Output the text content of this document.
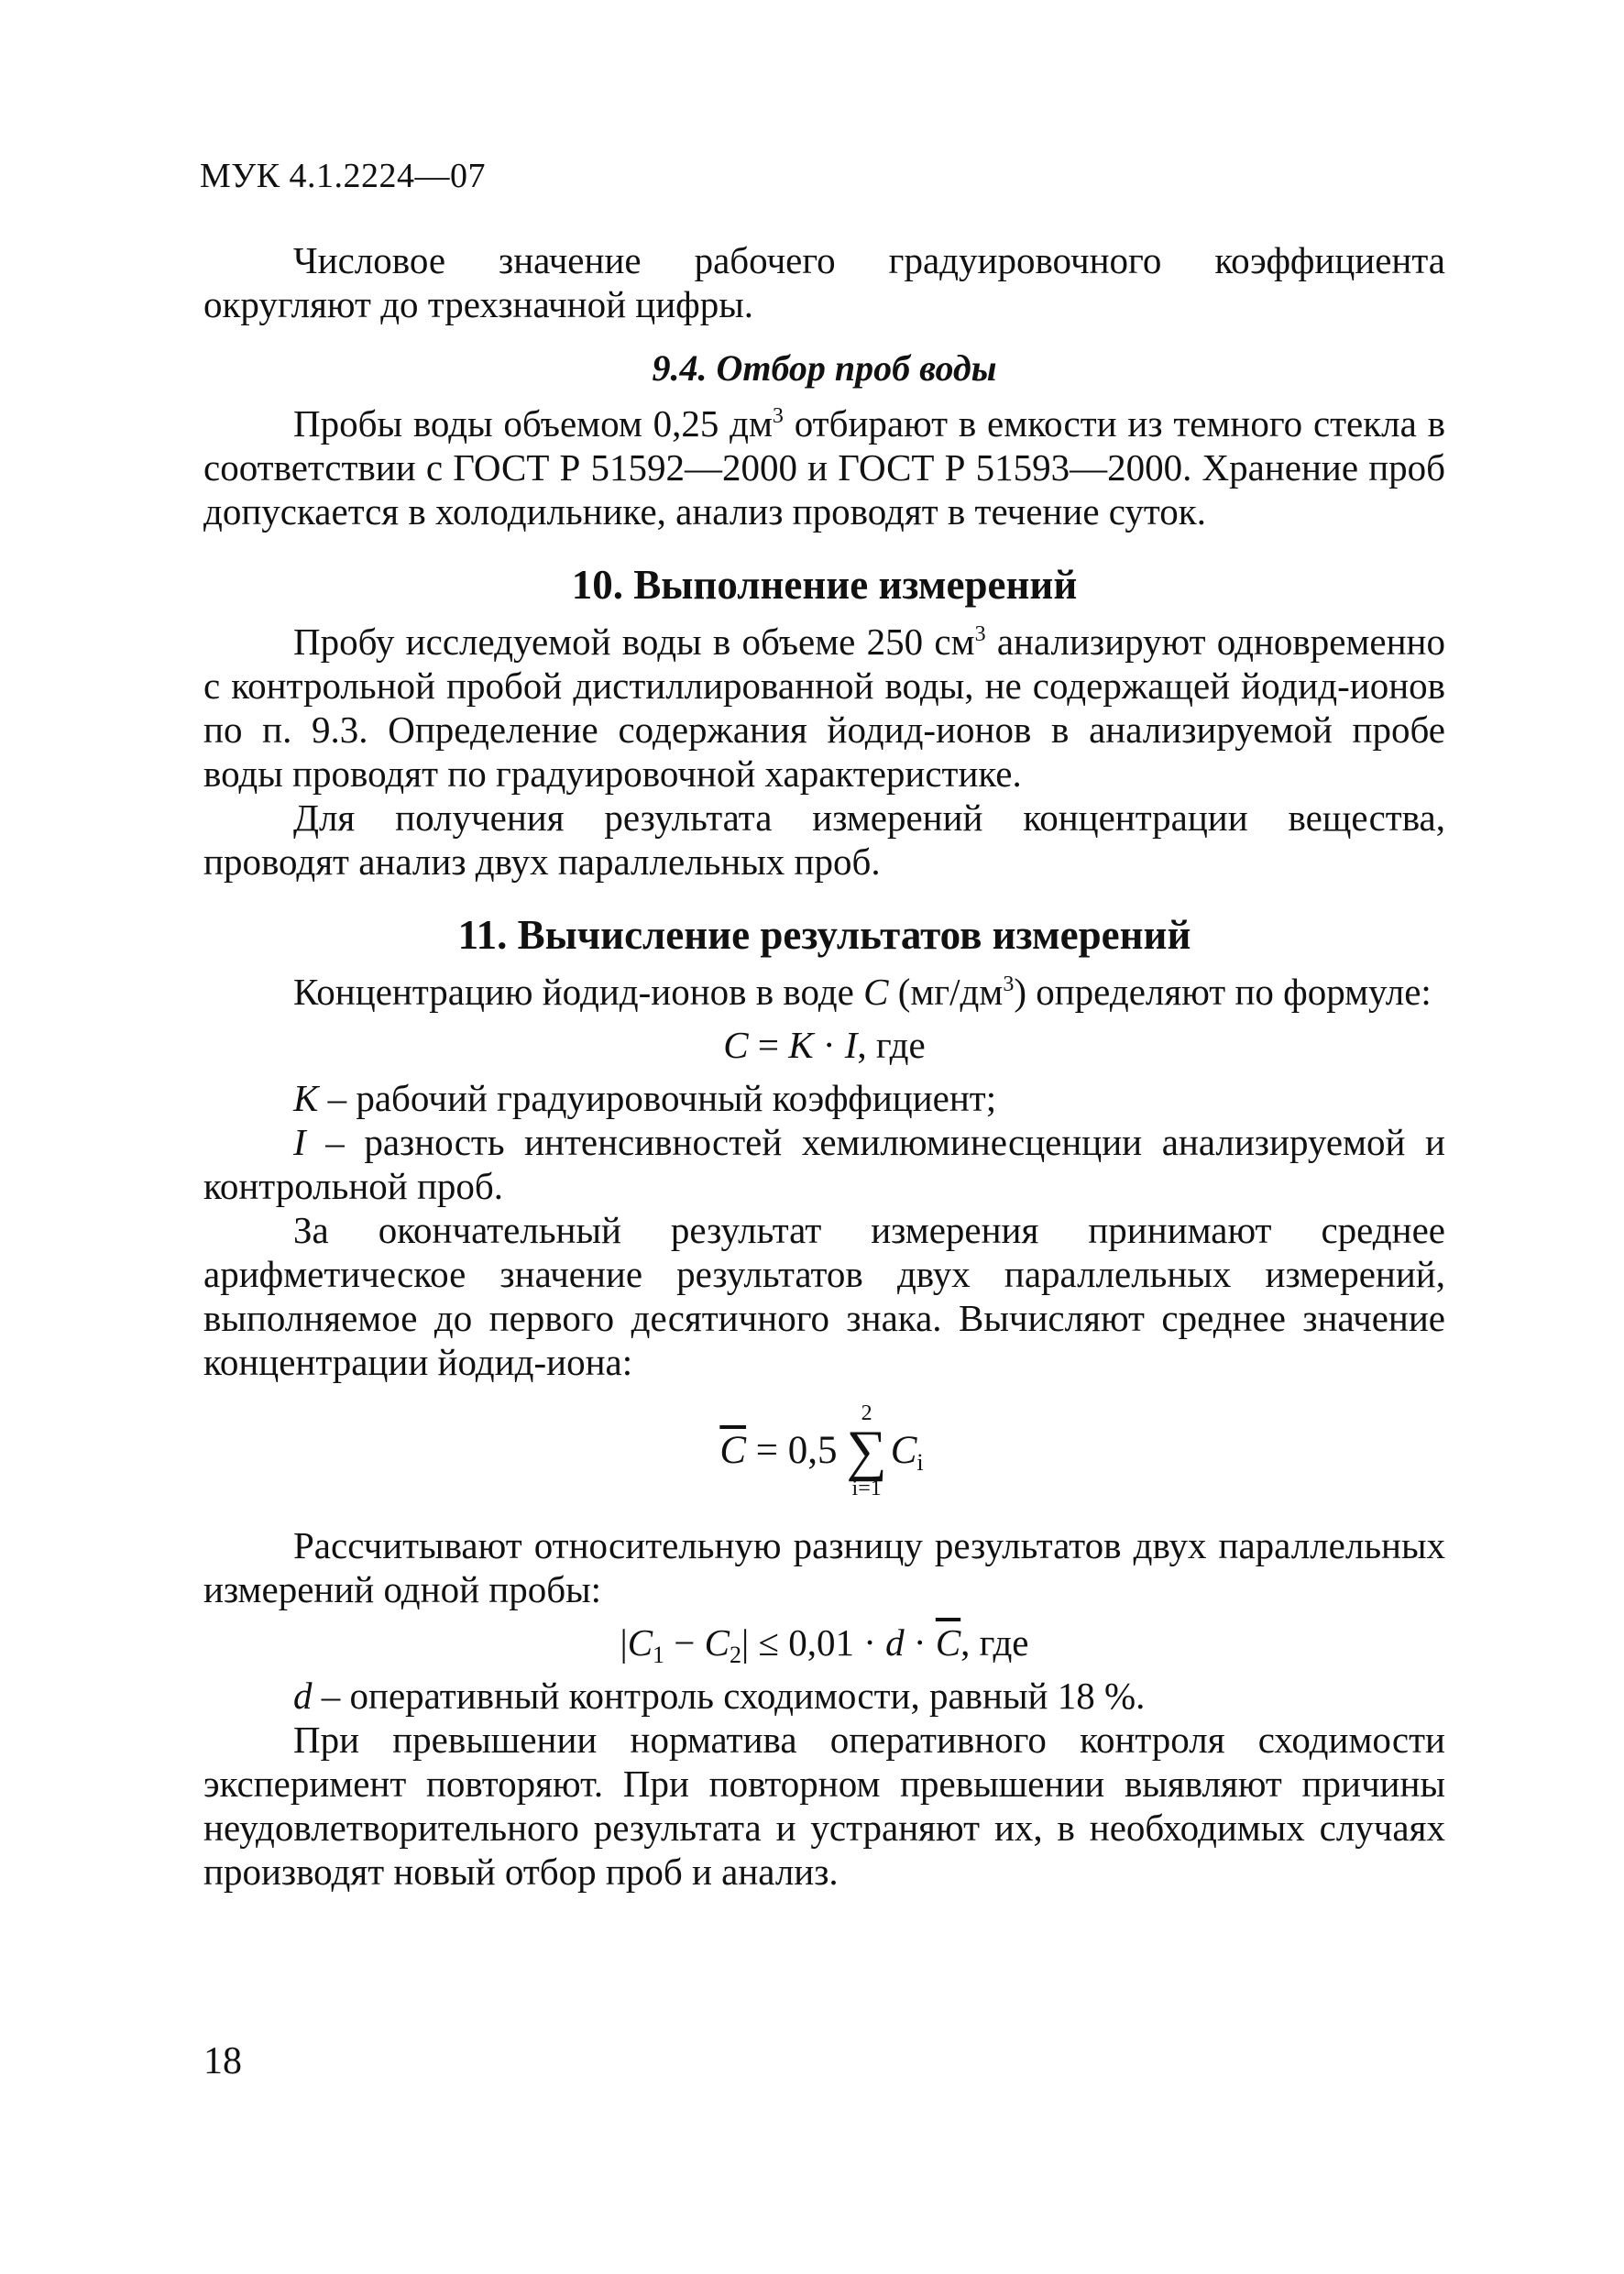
МУК 4.1.2224—07

Числовое значение рабочего градуировочного коэффициента округляют до трехзначной цифры.

9.4. Отбор проб воды

Пробы воды объемом 0,25 $дм^3$ отбирают в емкости из темного стекла в соответствии с ГОСТ Р 51592—2000 и ГОСТ Р 51593—2000. Хранение проб допускается в холодильнике, анализ проводят в течение суток.

10. Выполнение измерений

Пробу исследуемой воды в объеме 250 $см^3$ анализируют одновременно с контрольной пробой дистиллированной воды, не содержащей йодид-ионов по п. 9.3. Определение содержания йодид-ионов в анализируемой пробе воды проводят по градуировочной характеристике.

Для получения результата измерений концентрации вещества, проводят анализ двух параллельных проб.

11. Вычисление результатов измерений

Концентрацию йодид-ионов в воде C $(мг/дм^3)$ определяют по формуле:

C = K · I, где

K – рабочий градуировочный коэффициент;

I – разность интенсивностей хемилюминесценции анализируемой и контрольной проб.

За окончательный результат измерения принимают среднее арифметическое значение результатов двух параллельных измерений, выполняемое до первого десятичного знака. Вычисляют среднее значение концентрации йодид-иона:

$\overline{C} = 0,5$
2
∑
i=1
$C_i$

Рассчитывают относительную разницу результатов двух параллельных измерений одной пробы:

$|C_1 - C_2| \le 0,01 \cdot d \cdot \overline{C}$, где

d – оперативный контроль сходимости, равный 18 %.

При превышении норматива оперативного контроля сходимости эксперимент повторяют. При повторном превышении выявляют причины неудовлетворительного результата и устраняют их, в необходимых случаях производят новый отбор проб и анализ.

18
